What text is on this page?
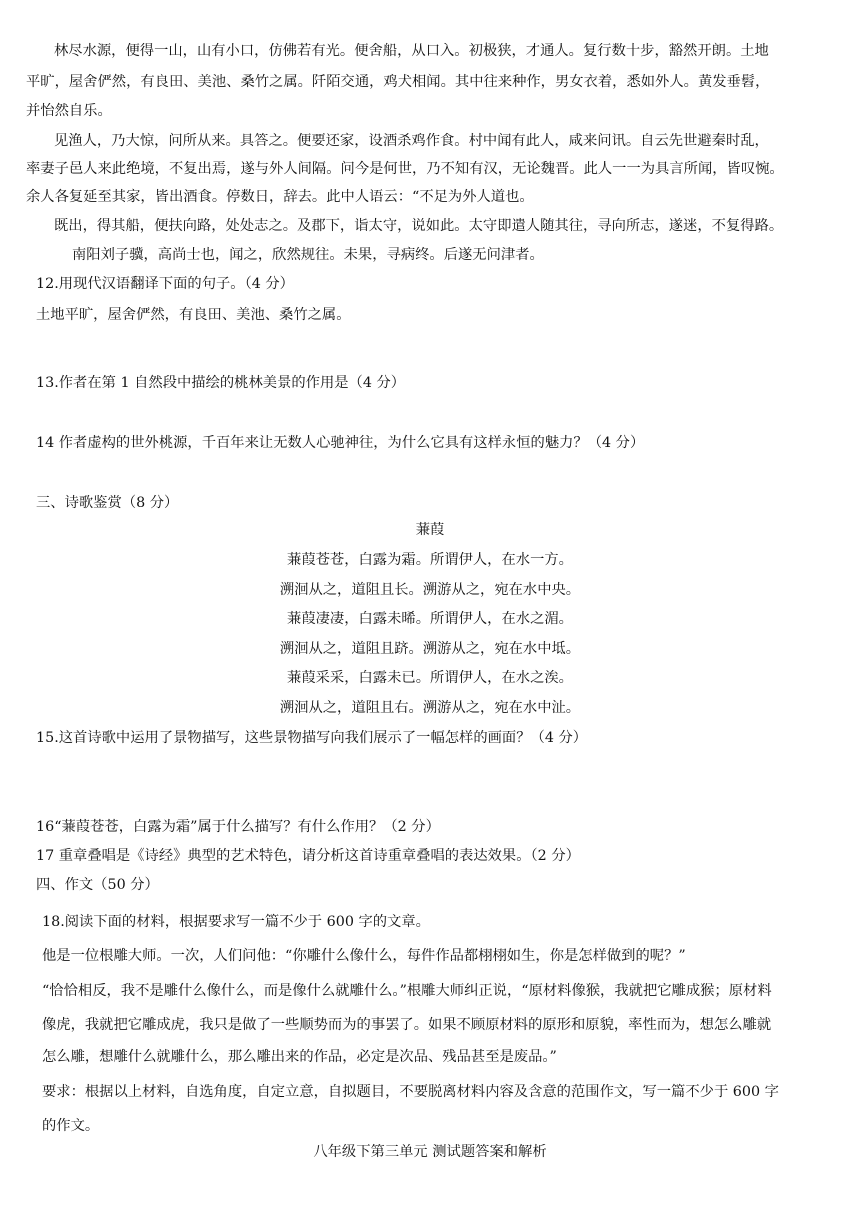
林尽水源，便得一山，山有小口，仿佛若有光。便舍船，从口入。初极狭，才通人。复行数十步，豁然开朗。土地
平旷，屋舍俨然，有良田、美池、桑竹之属。阡陌交通，鸡犬相闻。其中往来种作，男女衣着，悉如外人。黄发垂髫，
并怡然自乐。
见渔人，乃大惊，问所从来。具答之。便要还家，设酒杀鸡作食。村中闻有此人，咸来问讯。自云先世避秦时乱，
率妻子邑人来此绝境，不复出焉，遂与外人间隔。问今是何世，乃不知有汉，无论魏晋。此人一一为具言所闻，皆叹惋。
余人各复延至其家，皆出酒食。停数日，辞去。此中人语云：“不足为外人道也。
既出，得其船，便扶向路，处处志之。及郡下，诣太守，说如此。太守即遣人随其往，寻向所志，遂迷，不复得路。
南阳刘子骥，高尚士也，闻之，欣然规往。未果，寻病终。后遂无问津者。
12.用现代汉语翻译下面的句子。（4 分）
土地平旷，屋舍俨然，有良田、美池、桑竹之属。
13.作者在第 1 自然段中描绘的桃林美景的作用是（4 分）
14 作者虚构的世外桃源，千百年来让无数人心驰神往，为什么它具有这样永恒的魅力？（4 分）
三、诗歌鉴赏（8 分）
蒹葭
蒹葭苍苍，白露为霜。所谓伊人，在水一方。
溯洄从之，道阻且长。溯游从之，宛在水中央。
蒹葭凄凄，白露未晞。所谓伊人，在水之湄。
溯洄从之，道阻且跻。溯游从之，宛在水中坻。
蒹葭采采，白露未已。所谓伊人，在水之涘。
溯洄从之，道阻且右。溯游从之，宛在水中沚。
15.这首诗歌中运用了景物描写，这些景物描写向我们展示了一幅怎样的画面？（4 分）
16“蒹葭苍苍，白露为霜”属于什么描写？有什么作用？（2 分）
17 重章叠唱是《诗经》典型的艺术特色，请分析这首诗重章叠唱的表达效果。（2 分）
四、作文（50 分）
18.阅读下面的材料，根据要求写一篇不少于 600 字的文章。
他是一位根雕大师。一次，人们问他：“你雕什么像什么，每件作品都栩栩如生，你是怎样做到的呢？”
“恰恰相反，我不是雕什么像什么，而是像什么就雕什么。”根雕大师纠正说，“原材料像猴，我就把它雕成猴；原材料
像虎，我就把它雕成虎，我只是做了一些顺势而为的事罢了。如果不顾原材料的原形和原貌，率性而为，想怎么雕就
怎么雕，想雕什么就雕什么，那么雕出来的作品，必定是次品、残品甚至是废品。”
要求：根据以上材料，自选角度，自定立意，自拟题目，不要脱离材料内容及含意的范围作文，写一篇不少于 600 字
的作文。
八年级下第三单元 测试题答案和解析
